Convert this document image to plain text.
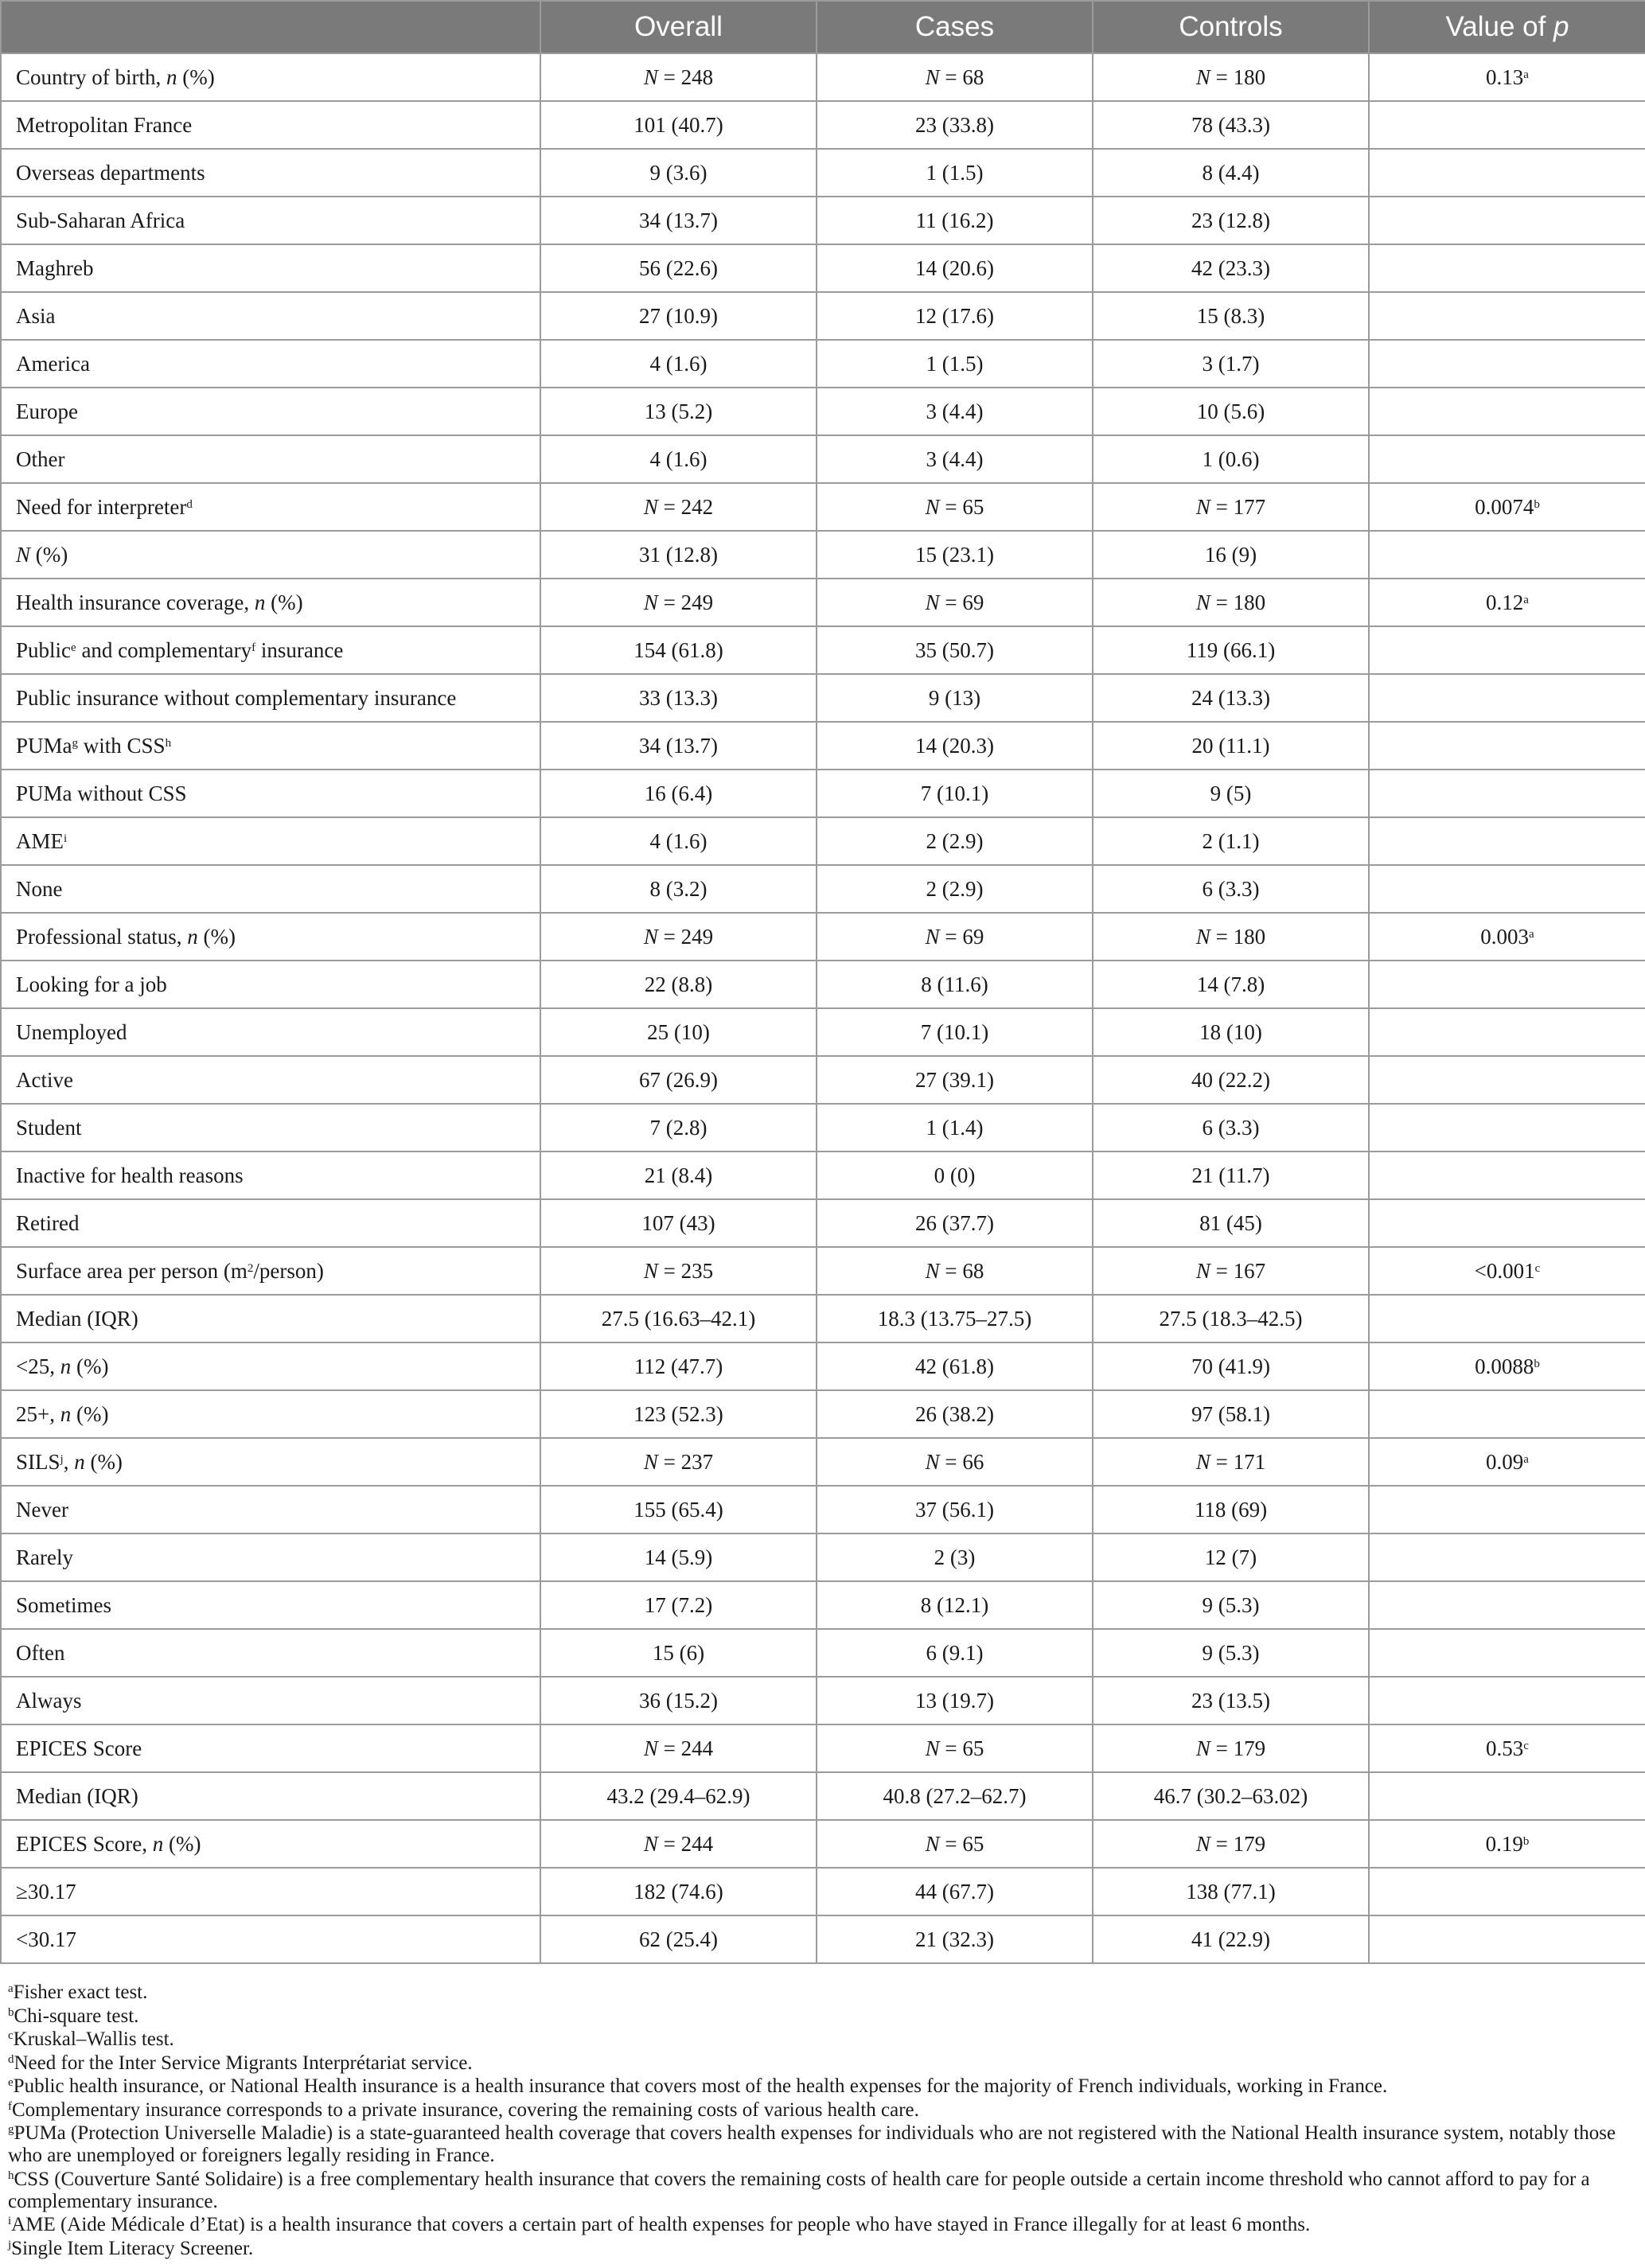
	Overall	Cases	Controls	Value of p
Country of birth, n (%)	N = 248	N = 68	N = 180	0.13$^a$
Metropolitan France	101 (40.7)	23 (33.8)	78 (43.3)	
Overseas departments	9 (3.6)	1 (1.5)	8 (4.4)	
Sub-Saharan Africa	34 (13.7)	11 (16.2)	23 (12.8)	
Maghreb	56 (22.6)	14 (20.6)	42 (23.3)	
Asia	27 (10.9)	12 (17.6)	15 (8.3)	
America	4 (1.6)	1 (1.5)	3 (1.7)	
Europe	13 (5.2)	3 (4.4)	10 (5.6)	
Other	4 (1.6)	3 (4.4)	1 (0.6)	
Need for interpreter$^d$	N = 242	N = 65	N = 177	0.0074$^b$
N (%)	31 (12.8)	15 (23.1)	16 (9)	
Health insurance coverage, n (%)	N = 249	N = 69	N = 180	0.12$^a$
Public$^e$ and complementary$^f$ insurance	154 (61.8)	35 (50.7)	119 (66.1)	
Public insurance without complementary insurance	33 (13.3)	9 (13)	24 (13.3)	
PUMa$^g$ with CSS$^h$	34 (13.7)	14 (20.3)	20 (11.1)	
PUMa without CSS	16 (6.4)	7 (10.1)	9 (5)	
AME$^i$	4 (1.6)	2 (2.9)	2 (1.1)	
None	8 (3.2)	2 (2.9)	6 (3.3)	
Professional status, n (%)	N = 249	N = 69	N = 180	0.003$^a$
Looking for a job	22 (8.8)	8 (11.6)	14 (7.8)	
Unemployed	25 (10)	7 (10.1)	18 (10)	
Active	67 (26.9)	27 (39.1)	40 (22.2)	
Student	7 (2.8)	1 (1.4)	6 (3.3)	
Inactive for health reasons	21 (8.4)	0 (0)	21 (11.7)	
Retired	107 (43)	26 (37.7)	81 (45)	
Surface area per person $(m^2/person)$	N = 235	N = 68	N = 167	<0.001$^c$
Median (IQR)	27.5 (16.63–42.1)	18.3 (13.75–27.5)	27.5 (18.3–42.5)	
<25, n (%)	112 (47.7)	42 (61.8)	70 (41.9)	0.0088$^b$
25+, n (%)	123 (52.3)	26 (38.2)	97 (58.1)	
SILS$^j$, n (%)	N = 237	N = 66	N = 171	0.09$^a$
Never	155 (65.4)	37 (56.1)	118 (69)	
Rarely	14 (5.9)	2 (3)	12 (7)	
Sometimes	17 (7.2)	8 (12.1)	9 (5.3)	
Often	15 (6)	6 (9.1)	9 (5.3)	
Always	36 (15.2)	13 (19.7)	23 (13.5)	
EPICES Score	N = 244	N = 65	N = 179	0.53$^c$
Median (IQR)	43.2 (29.4–62.9)	40.8 (27.2–62.7)	46.7 (30.2–63.02)	
EPICES Score, n (%)	N = 244	N = 65	N = 179	0.19$^b$
≥30.17	182 (74.6)	44 (67.7)	138 (77.1)	
<30.17	62 (25.4)	21 (32.3)	41 (22.9)	
$^a$Fisher exact test.
$^b$Chi-square test.
$^c$Kruskal–Wallis test.
$^d$Need for the Inter Service Migrants Interprétariat service.
$^e$Public health insurance, or National Health insurance is a health insurance that covers most of the health expenses for the majority of French individuals, working in France.
$^f$Complementary insurance corresponds to a private insurance, covering the remaining costs of various health care.
$^g$PUMa (Protection Universelle Maladie) is a state-guaranteed health coverage that covers health expenses for individuals who are not registered with the National Health insurance system, notably those who are unemployed or foreigners legally residing in France.
$^h$CSS (Couverture Santé Solidaire) is a free complementary health insurance that covers the remaining costs of health care for people outside a certain income threshold who cannot afford to pay for a complementary insurance.
$^i$AME (Aide Médicale d’Etat) is a health insurance that covers a certain part of health expenses for people who have stayed in France illegally for at least 6 months.
$^j$Single Item Literacy Screener.
